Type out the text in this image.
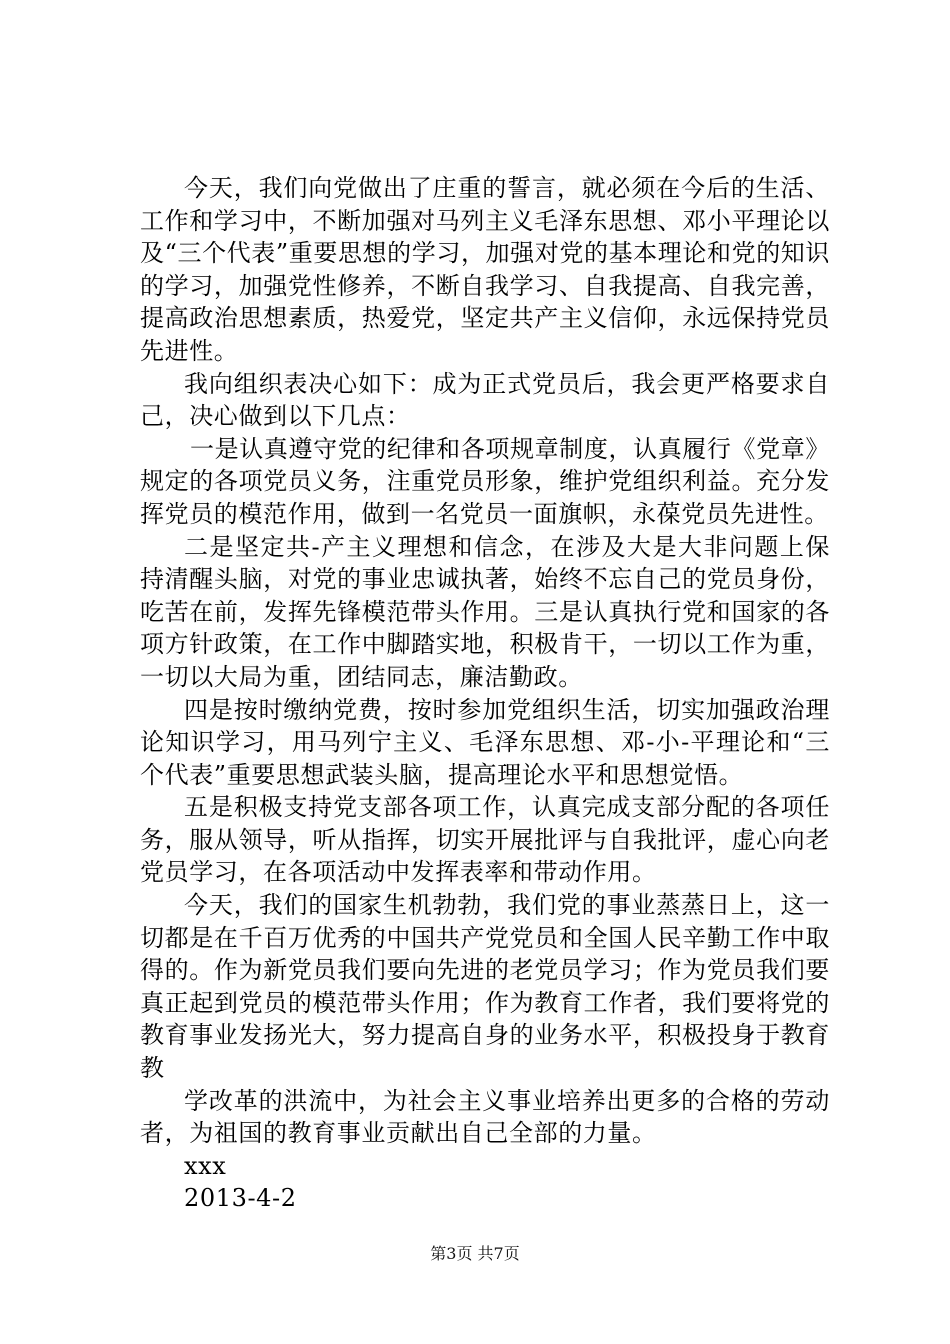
今天，我们向党做出了庄重的誓言，就必须在今后的生活、工作和学习中，不断加强对马列主义毛泽东思想、邓小平理论以及“三个代表”重要思想的学习，加强对党的基本理论和党的知识的学习，加强党性修养，不断自我学习、自我提高、自我完善，提高政治思想素质，热爱党，坚定共产主义信仰，永远保持党员先进性。

我向组织表决心如下：成为正式党员后，我会更严格要求自己，决心做到以下几点：

一是认真遵守党的纪律和各项规章制度，认真履行《党章》规定的各项党员义务，注重党员形象，维护党组织利益。充分发挥党员的模范作用，做到一名党员一面旗帜，永葆党员先进性。

二是坚定共-产主义理想和信念，在涉及大是大非问题上保持清醒头脑，对党的事业忠诚执著，始终不忘自己的党员身份，吃苦在前，发挥先锋模范带头作用。三是认真执行党和国家的各项方针政策，在工作中脚踏实地，积极肯干，一切以工作为重，一切以大局为重，团结同志，廉洁勤政。

四是按时缴纳党费，按时参加党组织生活，切实加强政治理论知识学习，用马列宁主义、毛泽东思想、邓-小-平理论和“三个代表”重要思想武装头脑，提高理论水平和思想觉悟。

五是积极支持党支部各项工作，认真完成支部分配的各项任务，服从领导，听从指挥，切实开展批评与自我批评，虚心向老党员学习，在各项活动中发挥表率和带动作用。

今天，我们的国家生机勃勃，我们党的事业蒸蒸日上，这一切都是在千百万优秀的中国共产党党员和全国人民辛勤工作中取得的。作为新党员我们要向先进的老党员学习；作为党员我们要真正起到党员的模范带头作用；作为教育工作者，我们要将党的教育事业发扬光大，努力提高自身的业务水平，积极投身于教育教

学改革的洪流中，为社会主义事业培养出更多的合格的劳动者，为祖国的教育事业贡献出自己全部的力量。

xxx

2013-4-2

第3页 共7页
